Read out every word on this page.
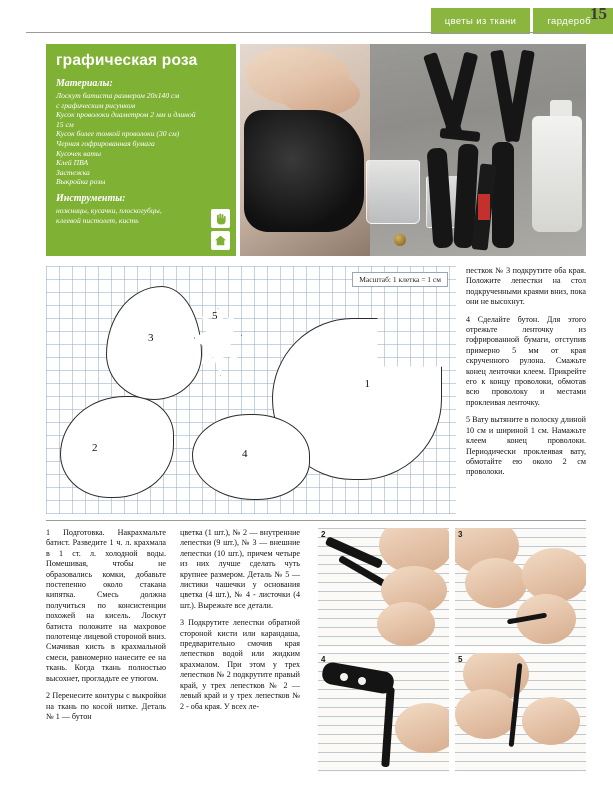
цветы из ткани	гардероб 15
графическая роза
Материалы:
Лоскут батиста размером 20х140 см
с графическим рисунком
Кусок проволоки диаметром 2 мм и длиной
15 см
Кусок более тонкой проволоки (30 см)
Черная гофрированная бумага
Кусочек ваты
Клей ПВА
Застежка
Выкройка розы
Инструменты:
ножницы, кусачки, плоскогубцы,
клеевой пистолет, кисть
Масштаб: 1 клетка = 1 см
1
2
3
4
5

песткок № 3 подкрутите оба края. Положите лепестки на стол подкрученными краями вниз, пока они не высохнут.

4 Сделайте бутон. Для этого отрежьте ленточку из гофрированной бумаги, отступив примерно 5 мм от края скрученного рулона. Смажьте конец ленточки клеем. Прикрейте его к концу проволоки, обмотав всю проволоку и местами проклеивая ленточку.

5 Вату вытяните в полоску длиной 10 см и шириной 1 см. Намажьте клеем конец проволоки. Периодически проклеивая вату, обмотайте ею около 2 см проволоки.

1 Подготовка. Накрахмальте батист. Разведите 1 ч. л. крахмала в 1 ст. л. холодной воды. Помешивая, чтобы не образовались комки, добавьте постепенно около стакана кипятка. Смесь должна получиться по консистенции похожей на кисель. Лоскут батиста положите на махровое полотенце лицевой стороной вниз. Смачивая кисть в крахмальной смеси, равномерно нанесите ее на ткань. Когда ткань полностью высохнет, прогладьте ее утюгом.

2 Перенесите контуры с выкройки на ткань по косой нитке. Деталь № 1 — бутон

цветка (1 шт.), № 2 — внутренние лепестки (9 шт.), № 3 — внешние лепестки (10 шт.), причем четыре из них лучше сделать чуть крупнее размером. Деталь № 5 — листики чашечки у основания цветка (4 шт.), № 4 - листочки (4 шт.). Вырежьте все детали.

3 Подкрутите лепестки обратной стороной кисти или карандаша, предварительно смочив края лепестков водой или жидким крахмалом. При этом у трех лепестков № 2 подкрутите правый край, у трех лепестков № 2 — левый край и у трех лепестков № 2 - оба края. У всех ле-

2	3
4	5
